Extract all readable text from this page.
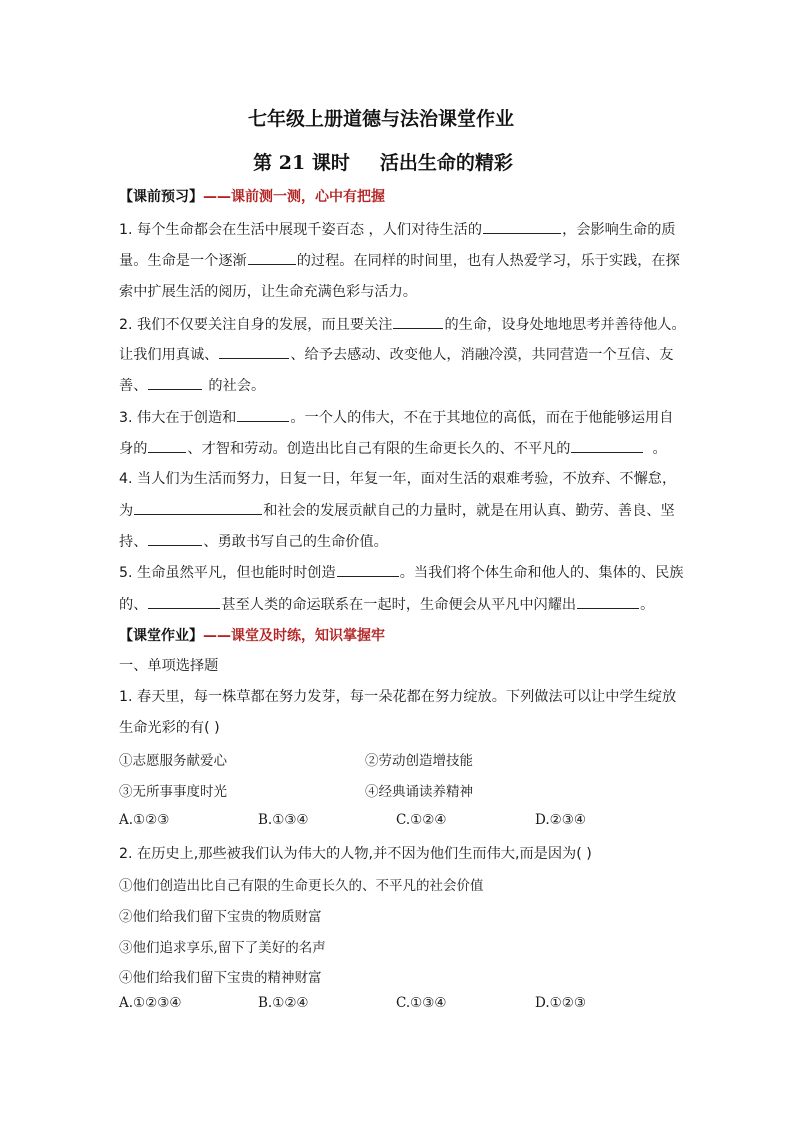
七年级上册道德与法治课堂作业
第 21 课时 活出生命的精彩
【课前预习】——课前测一测，心中有把握
1. 每个生命都会在生活中展现千姿百态 ，人们对待生活的	，会影响生命的质
量。生命是一个逐渐	的过程。在同样的时间里，也有人热爱学习，乐于实践，在探
索中扩展生活的阅历，让生命充满色彩与活力。
2. 我们不仅要关注自身的发展，而且要关注	的生命，设身处地地思考并善待他人。
让我们用真诚、	、给予去感动、改变他人，消融冷漠，共同营造一个互信、友
善、	的社会。
3. 伟大在于创造和	。一个人的伟大，不在于其地位的高低，而在于他能够运用自
身的	、才智和劳动。创造出比自己有限的生命更长久的、不平凡的	。
4. 当人们为生活而努力，日复一日，年复一年，面对生活的艰难考验，不放弃、不懈怠，
为	和社会的发展贡献自己的力量时，就是在用认真、勤劳、善良、坚
持、	、勇敢书写自己的生命价值。
5. 生命虽然平凡，但也能时时创造	。当我们将个体生命和他人的、集体的、民族
的、	甚至人类的命运联系在一起时，生命便会从平凡中闪耀出	。
【课堂作业】——课堂及时练，知识掌握牢
一、单项选择题
1. 春天里，每一株草都在努力发芽，每一朵花都在努力绽放。下列做法可以让中学生绽放
生命光彩的有( )
①志愿服务献爱心	②劳动创造增技能
③无所事事度时光	④经典诵读养精神
A.①②③	B.①③④	C.①②④	D.②③④
2. 在历史上,那些被我们认为伟大的人物,并不因为他们生而伟大,而是因为( )
①他们创造出比自己有限的生命更长久的、不平凡的社会价值
②他们给我们留下宝贵的物质财富
③他们追求享乐,留下了美好的名声
④他们给我们留下宝贵的精神财富
A.①②③④	B.①②④	C.①③④	D.①②③
